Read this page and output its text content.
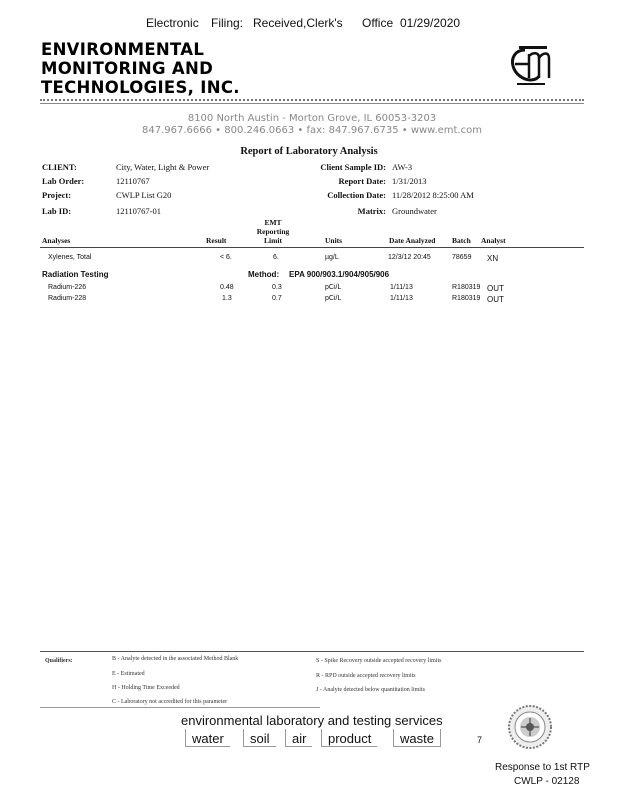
Electronic Filing: Received,Clerk's Office 01/29/2020
ENVIRONMENTAL
MONITORING AND
TECHNOLOGIES, INC.
8100 North Austin - Morton Grove, IL 60053-3203
847.967.6666 • 800.246.0663 • fax: 847.967.6735 • www.emt.com
Report of Laboratory Analysis
CLIENT:	City, Water, Light & Power
Lab Order:	12110767
Project:	CWLP List G20
Lab ID:	12110767-01
Client Sample ID: AW-3
Report Date: 1/31/2013
Collection Date: 11/28/2012 8:25:00 AM
Matrix: Groundwater
Analyses	Result
EMT
Reporting
Limit	Units	Date Analyzed Batch Analyst
Xylenes, Total	< 6.	6.	µg/L	12/3/12 20:45	78659 XN
Radiation Testing	Method: EPA 900/903.1/904/905/906
Radium-226	0.48	0.3	pCi/L	1/11/13	R180319 OUT
Radium-228	1.3	0.7	pCi/L	1/11/13	R180319 OUT
Qualifiers:	B - Analyte detected in the associated Method Blank
E - Estimated
H - Holding Time Exceeded
C - Laboratory not accredited for this parameter
S - Spike Recovery outside accepted recovery limits
R - RPD outside accepted recovery limits
J - Analyte detected below quantitation limits
environmental laboratory and testing services
water	soil	air	product	waste	7
Response to 1st RTP
CWLP - 02128
